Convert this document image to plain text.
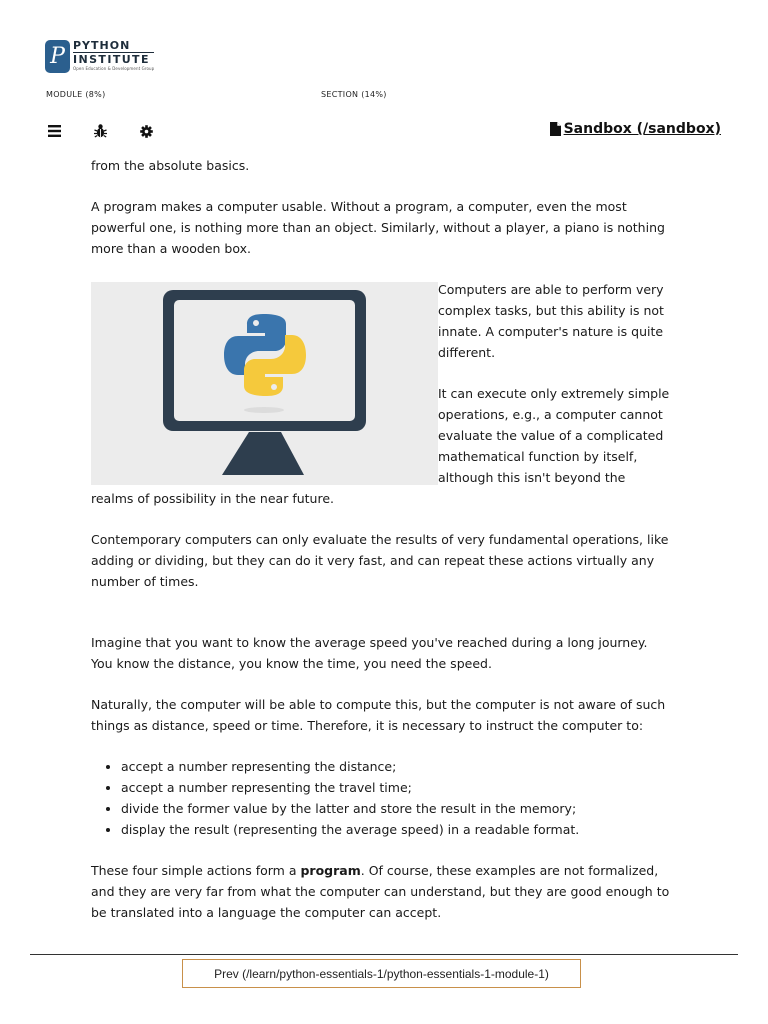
P PYTHON
INSTITUTE
Open Education & Development Group
MODULE (8%)	SECTION (14%)
Sandbox (/sandbox)

from the absolute basics.

A program makes a computer usable. Without a program, a computer, even the most powerful one, is nothing more than an object. Similarly, without a player, a piano is nothing more than a wooden box.

Computers are able to perform very complex tasks, but this ability is not innate. A computer's nature is quite different.

It can execute only extremely simple operations, e.g., a computer cannot evaluate the value of a complicated mathematical function by itself, although this isn't beyond the realms of possibility in the near future.

Contemporary computers can only evaluate the results of very fundamental operations, like adding or dividing, but they can do it very fast, and can repeat these actions virtually any number of times.

Imagine that you want to know the average speed you've reached during a long journey. You know the distance, you know the time, you need the speed.

Naturally, the computer will be able to compute this, but the computer is not aware of such things as distance, speed or time. Therefore, it is necessary to instruct the computer to:

• accept a number representing the distance;
• accept a number representing the travel time;
• divide the former value by the latter and store the result in the memory;
• display the result (representing the average speed) in a readable format.

These four simple actions form a program. Of course, these examples are not formalized, and they are very far from what the computer can understand, but they are good enough to be translated into a language the computer can accept.

Prev (/learn/python-essentials-1/python-essentials-1-module-1)
